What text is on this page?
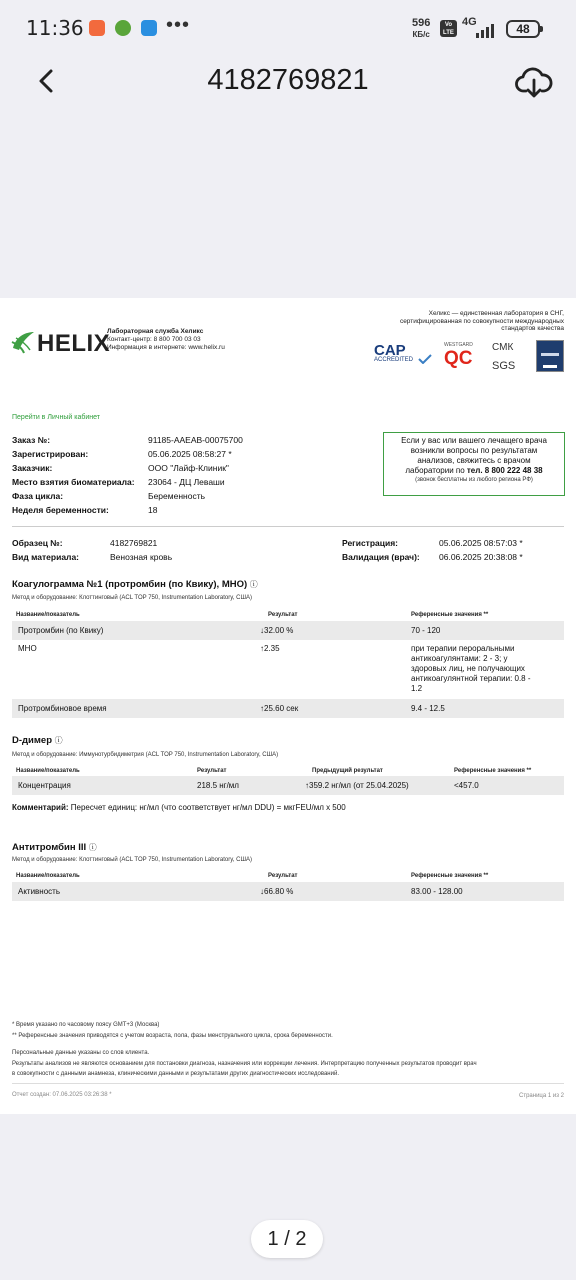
11:36	•••	596
КБ/с
Vo LTE
4G	48
4182769821
HELIX
Лабораторная служба Хеликс
Контакт-центр: 8 800 700 03 03
Информация в интернете: www.helix.ru
Хеликс — единственная лаборатория в СНГ,
сертифицированная по совокупности международных
стандартов качества
CAP
ACCREDITED
WESTGARD
QC
СМК
SGS
Перейти в Личный кабинет
Заказ №:	91185-AAEAB-00075700
Зарегистрирован:	05.06.2025 08:58:27 *
Заказчик:	ООО "Лайф-Клиник"
Место взятия биоматериала: 23064 - ДЦ Леваши
Фаза цикла:	Беременность
Неделя беременности:	18
Если у вас или вашего лечащего врача
возникли вопросы по результатам
анализов, свяжитесь с врачом
лаборатории по тел. 8 800 222 48 38
(звонок бесплатны из любого региона РФ)
Образец №:	4182769821
Вид материала:	Венозная кровь
Регистрация:	05.06.2025 08:57:03 *
Валидация (врач): 06.06.2025 20:38:08 *
Коагулограмма №1 (протромбин (по Квику), МНО) ⓘ
Метод и оборудование: Клоттинговый (ACL TOP 750, Instrumentation Laboratory, США)
Название/показатель	Результат	Референсные значения **
Протромбин (по Квику)	↓32.00 %	70 - 120
МНО	↑2.35	при терапии пероральными
антикоагулянтами: 2 - 3; у
здоровых лиц, не получающих
антикоагулянтной терапии: 0.8 -
1.2
Протромбиновое время	↑25.60 сек	9.4 - 12.5
D-димер ⓘ
Метод и оборудование: Иммунотурбидиметрия (ACL TOP 750, Instrumentation Laboratory, США)
Название/показатель	Результат	Предыдущий результат	Референсные значения **
Концентрация	218.5 нг/мл	↑359.2 нг/мл (от 25.04.2025)	<457.0
Комментарий: Пересчет единиц: нг/мл (что соответствует нг/мл DDU) = мкгFEU/мл х 500
Антитромбин III ⓘ
Метод и оборудование: Клоттинговый (ACL TOP 750, Instrumentation Laboratory, США)
Название/показатель	Результат	Референсные значения **
Активность	↓66.80 %	83.00 - 128.00
* Время указано по часовому поясу GMT+3 (Москва)
** Референсные значения приводятся с учетом возраста, пола, фазы менструального цикла, срока беременности.
Персональные данные указаны со слов клиента.
Результаты анализов не являются основанием для постановки диагноза, назначения или коррекции лечения. Интерпретацию полученных результатов проводит врач
в совокупности с данными анамнеза, клиническими данными и результатами других диагностических исследований.
Отчет создан: 07.06.2025 03:26:38 *	Страница 1 из 2
1 / 2
